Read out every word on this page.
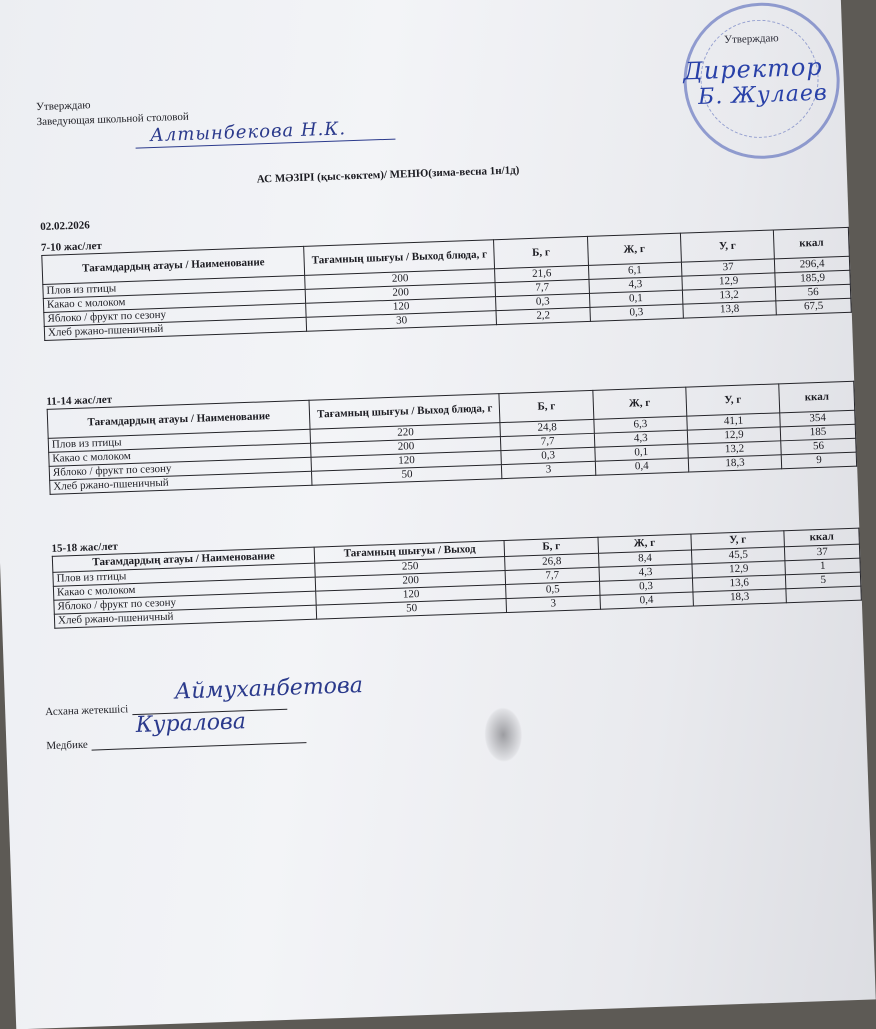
Утверждаю
Заведующая школьной столовой
Алтынбекова Н.К.
Утверждаю
Директор
Б. Жулаев
АС МӘЗІРІ (қыс-көктем)/ МЕНЮ(зима-весна 1н/1д)
02.02.2026
7-10 жас/лет
Тағамдардың атауы / Наименование	Тағамның шығуы / Выход блюда, г	Б, г	Ж, г	У, г	ккал
Плов из птицы	200	21,6	6,1	37	296,4
Какао с молоком	200	7,7	4,3	12,9	185,9
Яблоко / фрукт по сезону	120	0,3	0,1	13,2	56
Хлеб ржано-пшеничный	30	2,2	0,3	13,8	67,5
11-14 жас/лет
Тағамдардың атауы / Наименование	Тағамның шығуы / Выход блюда, г	Б, г	Ж, г	У, г	ккал
Плов из птицы	220	24,8	6,3	41,1	354
Какао с молоком	200	7,7	4,3	12,9	185
Яблоко / фрукт по сезону	120	0,3	0,1	13,2	56
Хлеб ржано-пшеничный	50	3	0,4	18,3	9
15-18 жас/лет
Тағамдардың атауы / Наименование	Тағамның шығуы / Выход	Б, г	Ж, г	У, г	ккал
Плов из птицы	250	26,8	8,4	45,5	37
Какао с молоком	200	7,7	4,3	12,9	1
Яблоко / фрукт по сезону	120	0,5	0,3	13,6	5
Хлеб ржано-пшеничный	50	3	0,4	18,3	
Асхана жетекшісі
Аймуханбетова
Медбике
Куралова
